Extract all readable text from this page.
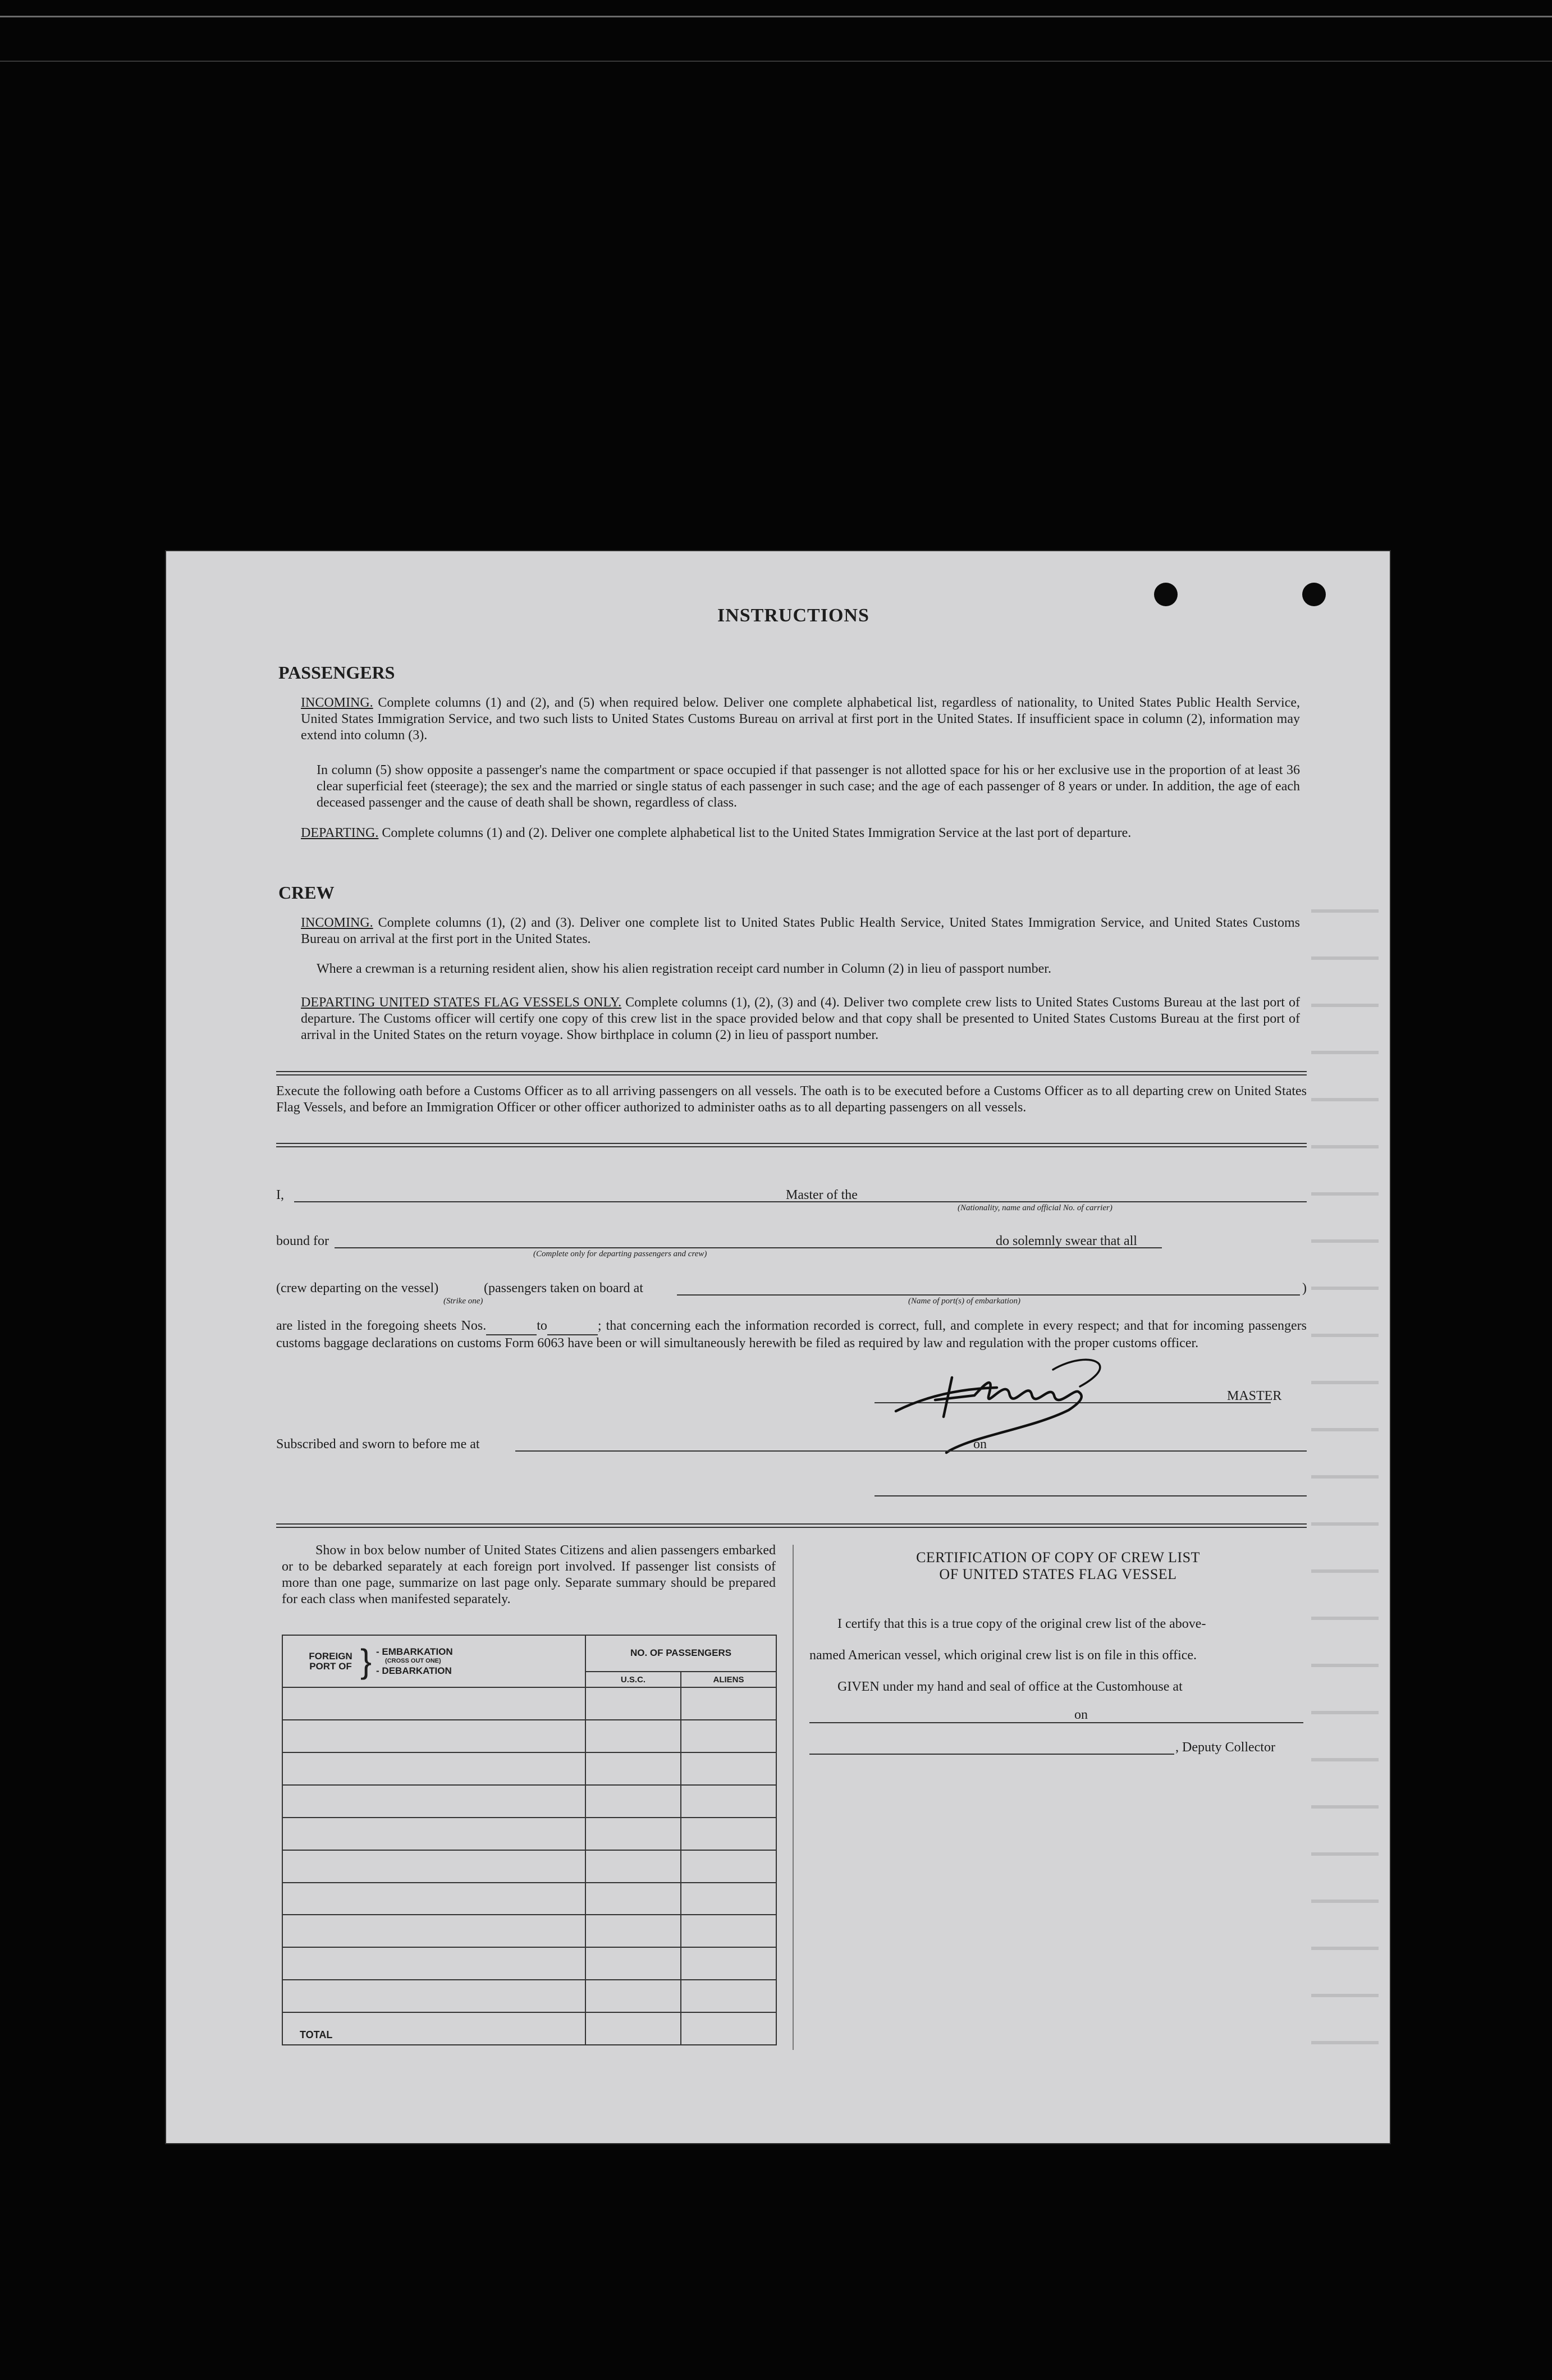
INSTRUCTIONS
PASSENGERS
INCOMING. Complete columns (1) and (2), and (5) when required below. Deliver one complete alphabetical list, regardless of nationality, to United States Public Health Service, United States Immigration Service, and two such lists to United States Customs Bureau on arrival at first port in the United States. If insufficient space in column (2), information may extend into column (3).
In column (5) show opposite a passenger's name the compartment or space occupied if that passenger is not allotted space for his or her exclusive use in the proportion of at least 36 clear superficial feet (steerage); the sex and the married or single status of each passenger in such case; and the age of each passenger of 8 years or under. In addition, the age of each deceased passenger and the cause of death shall be shown, regardless of class.
DEPARTING. Complete columns (1) and (2). Deliver one complete alphabetical list to the United States Immigration Service at the last port of departure.
CREW
INCOMING. Complete columns (1), (2) and (3). Deliver one complete list to United States Public Health Service, United States Immigration Service, and United States Customs Bureau on arrival at the first port in the United States.
Where a crewman is a returning resident alien, show his alien registration receipt card number in Column (2) in lieu of passport number.
DEPARTING UNITED STATES FLAG VESSELS ONLY. Complete columns (1), (2), (3) and (4). Deliver two complete crew lists to United States Customs Bureau at the last port of departure. The Customs officer will certify one copy of this crew list in the space provided below and that copy shall be presented to United States Customs Bureau at the first port of arrival in the United States on the return voyage. Show birthplace in column (2) in lieu of passport number.
Execute the following oath before a Customs Officer as to all arriving passengers on all vessels. The oath is to be executed before a Customs Officer as to all departing crew on United States Flag Vessels, and before an Immigration Officer or other officer authorized to administer oaths as to all departing passengers on all vessels.
I,	Master of the
(Nationality, name and official No. of carrier)
bound for
(Complete only for departing passengers and crew)
do solemnly swear that all
(crew departing on the vessel)	(passengers taken on board at	)
(Strike one)	(Name of port(s) of embarkation)
are listed in the foregoing sheets Nos.	to	; that concerning each the information recorded is correct, full, and complete in every respect; and that for incoming passengers customs baggage declarations on customs Form 6063 have been or will simultaneously herewith be filed as required by law and regulation with the proper customs officer.
MASTER
Subscribed and sworn to before me at	on
Show in box below number of United States Citizens and alien passengers embarked or to be debarked separately at each foreign port involved. If passenger list consists of more than one page, summarize on last page only. Separate summary should be prepared for each class when manifested separately.
FOREIGN PORT OF } - EMBARKATION
(CROSS OUT ONE)
- DEBARKATION	NO. OF PASSENGERS	
	U.S.C.	ALIENS

TOTAL		
CERTIFICATION OF COPY OF CREW LIST
OF UNITED STATES FLAG VESSEL
I certify that this is a true copy of the original crew list of the above-
named American vessel, which original crew list is on file in this office.
GIVEN under my hand and seal of office at the Customhouse at
on
, Deputy Collector
